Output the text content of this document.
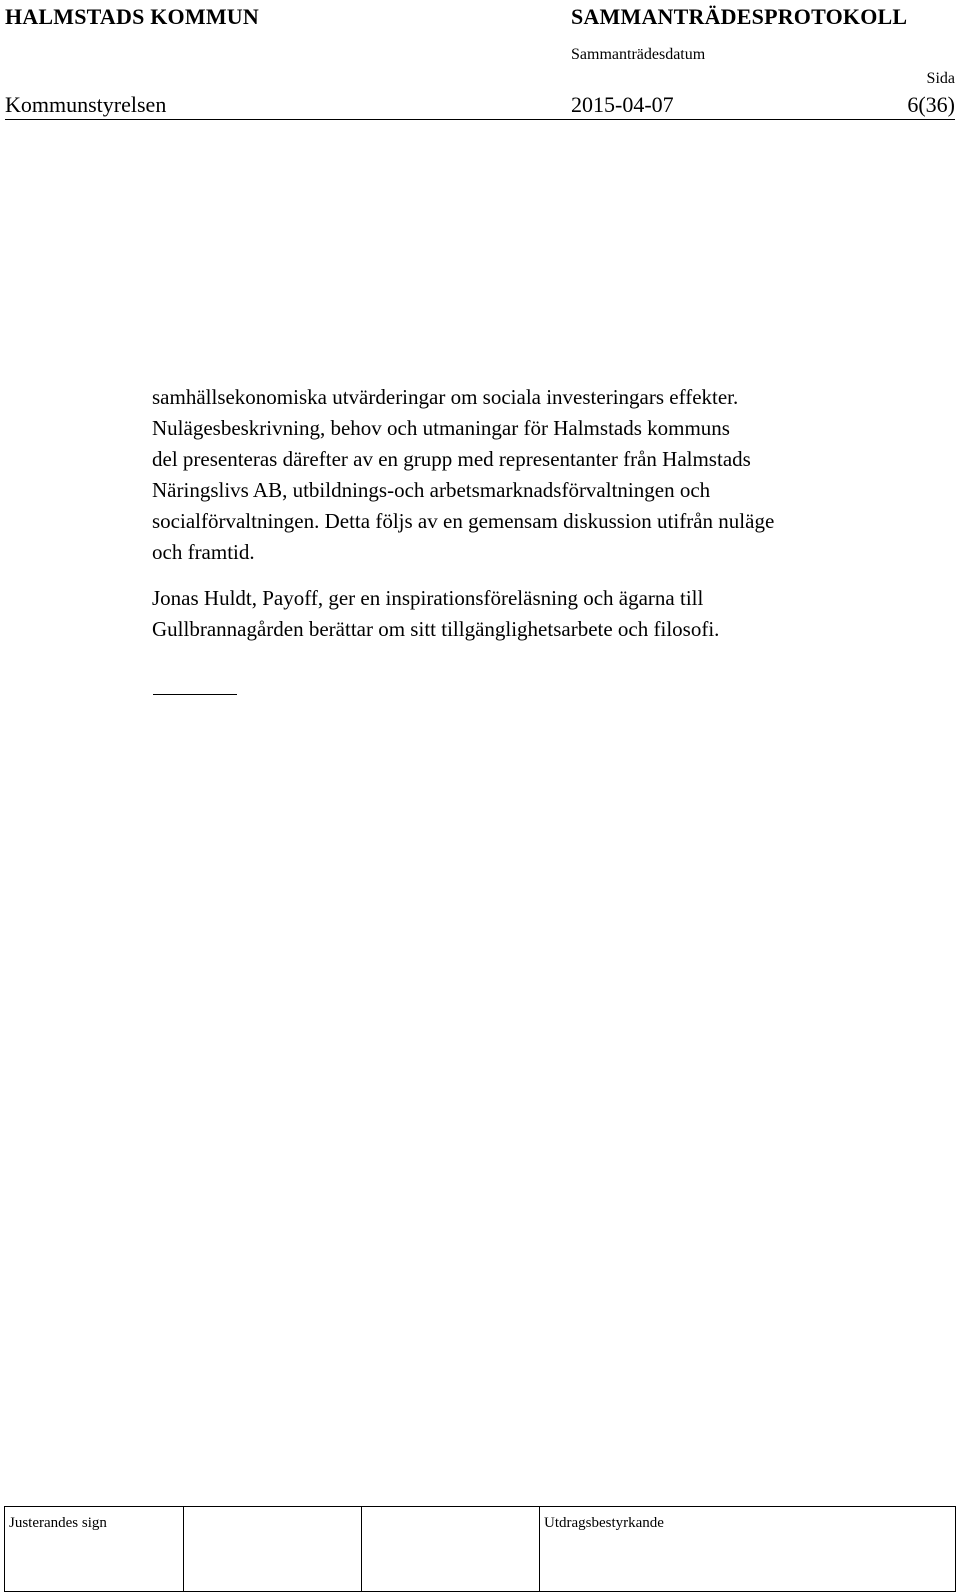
HALMSTADS KOMMUN	SAMMANTRÄDESPROTOKOLL
Sammanträdesdatum
Sida
Kommunstyrelsen	2015-04-07	6(36)
samhällsekonomiska utvärderingar om sociala investeringars effekter.
Nulägesbeskrivning, behov och utmaningar för Halmstads kommuns
del presenteras därefter av en grupp med representanter från Halmstads
Näringslivs AB, utbildnings-och arbetsmarknadsförvaltningen och
socialförvaltningen. Detta följs av en gemensam diskussion utifrån nuläge
och framtid.
Jonas Huldt, Payoff, ger en inspirationsföreläsning och ägarna till
Gullbrannagården berättar om sitt tillgänglighetsarbete och filosofi.
Justerandes sign	Utdragsbestyrkande
